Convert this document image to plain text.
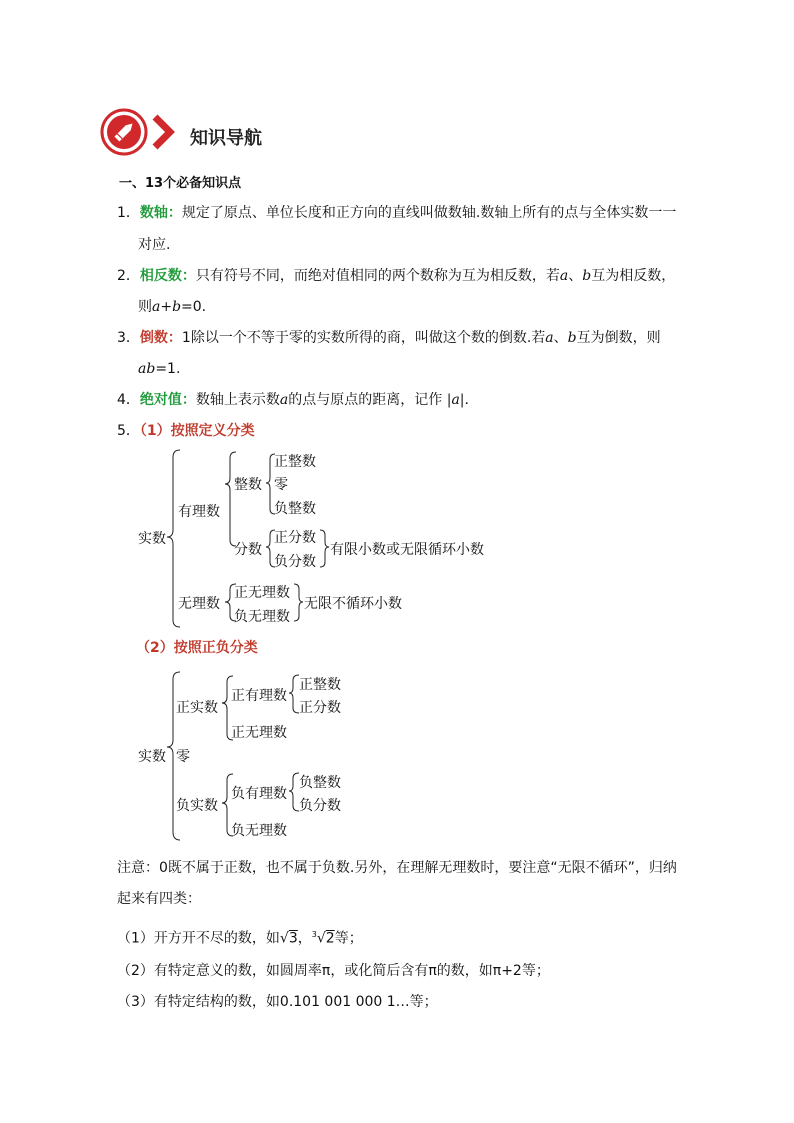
知识导航
一、13个必备知识点
1．数轴：规定了原点、单位长度和正方向的直线叫做数轴.数轴上所有的点与全体实数一一
对应.
2．相反数：只有符号不同，而绝对值相同的两个数称为互为相反数，若a、b互为相反数，
则a+b=0.
3．倒数：1除以一个不等于零的实数所得的商，叫做这个数的倒数.若a、b互为倒数，则
ab=1.
4．绝对值：数轴上表示数a的点与原点的距离，记作 |a|.
5．（1）按照定义分类
实数
有理数
整数
正整数
零
负整数
分数
正分数
负分数
有限小数或无限循环小数
无理数
正无理数
负无理数
无限不循环小数
（2）按照正负分类
实数
正实数
正有理数
正整数
正分数
正无理数
零
负实数
负有理数
负整数
负分数
负无理数
注意：0既不属于正数，也不属于负数.另外，在理解无理数时，要注意“无限不循环”，归纳
起来有四类：
（1）开方开不尽的数，如√3，$^3$√2等；
（2）有特定意义的数，如圆周率π，或化简后含有π的数，如π+2等；
（3）有特定结构的数，如0.101 001 000 1…等；
